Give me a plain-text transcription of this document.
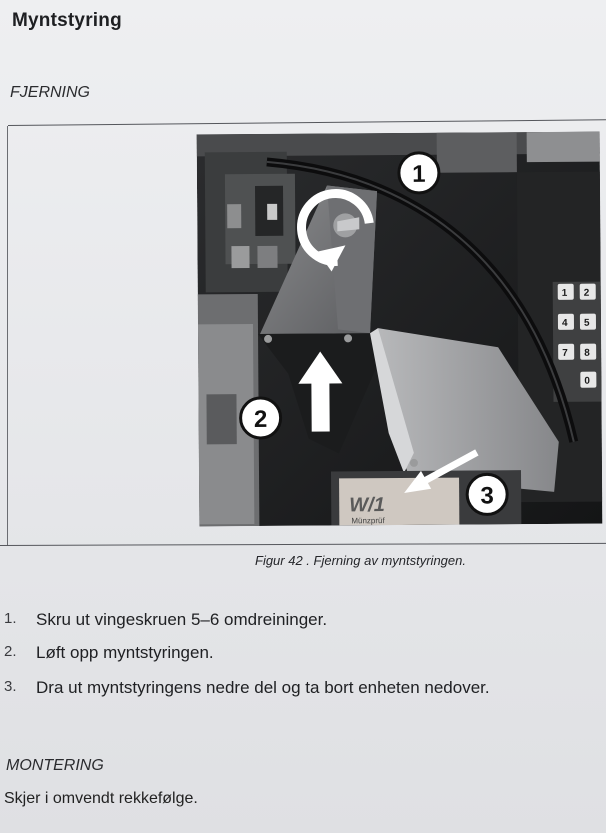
Myntstyring
FJERNING
1 2
4 5
7 8
0
W/1
Münzprüf
1
2
3
Figur 42 . Fjerning av myntstyringen.
1. Skru ut vingeskruen 5–6 omdreininger.
2. Løft opp myntstyringen.
3. Dra ut myntstyringens nedre del og ta bort enheten nedover.
MONTERING
Skjer i omvendt rekkefølge.
